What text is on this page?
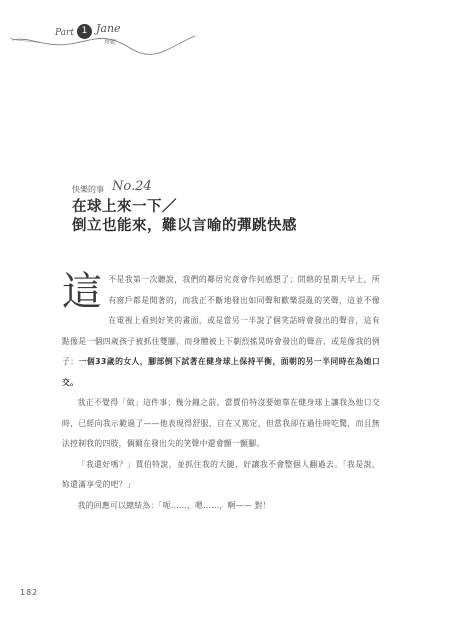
Part 1 Jane
珍妮
快樂的事 No.24
在球上來一下／
倒立也能來，難以言喻的彈跳快感

這不是我第一次聽說，我們的鄰居究竟會作何感想了；問熱的星期天早上，所有窗戶都是開著的，而我正不斷地發出如同聲和歡樂混亂的笑聲，這並不像在電視上看到好笑的畫面，或是當另一半說了個笑話時會發出的聲音，這有點像是一個四歲孩子被抓住雙腳，而身體被上下劇烈搖晃時會發出的聲音，或是像我的例子：一個33歲的女人，腳部倒下試著在健身球上保持平衡，面朝的另一半同時在為她口交。

我正不覺得「做」這件事；幾分鐘之前，當賈伯特沒要她靠在健身球上讓我為他口交時，已經向我示範過了——他表現得舒服、自在又篤定，但當我卻在過往時吃驚，而且無法控制我的四肢，偶爾在發出尖的笑聲中還會顫一顫腳。

「我還好嗎？」賈伯特說，並抓住我的大腿，好讓我不會整個人翻過去。「我是說，妳還滿享受的吧？」

我的回應可以總結為：「呃……，嗯……，啊—— 對！

182
